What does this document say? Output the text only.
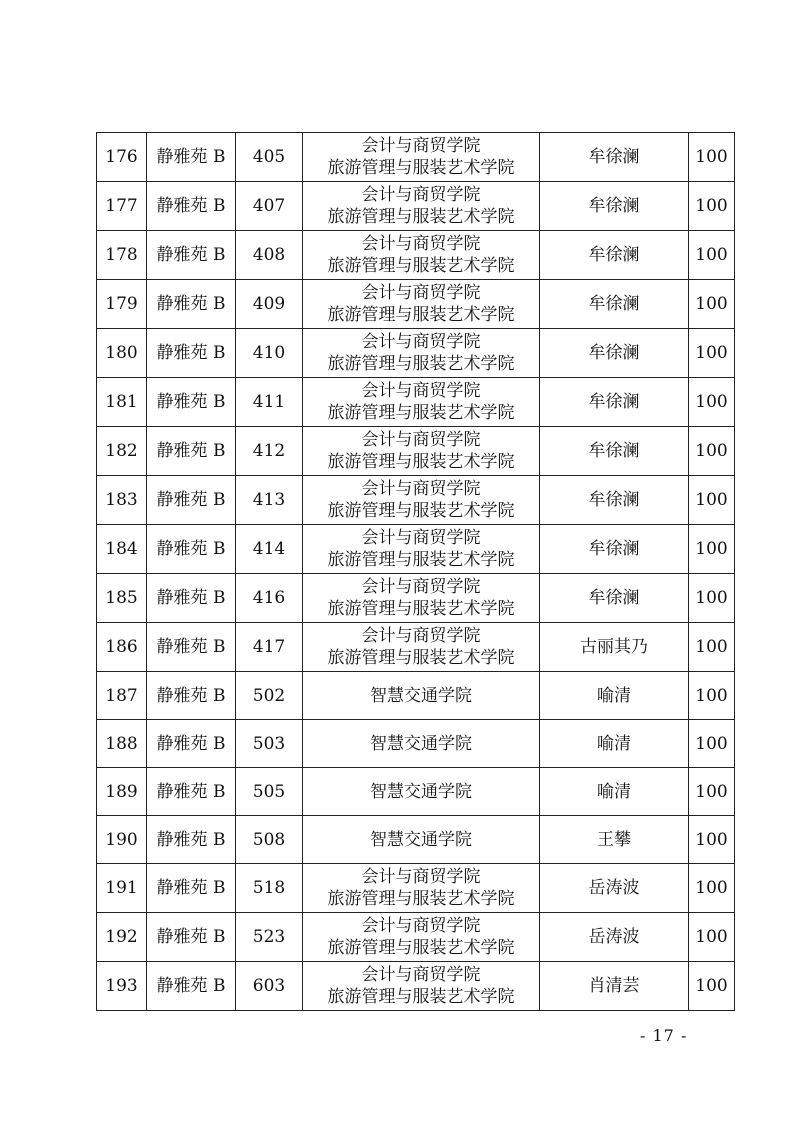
176	静雅苑 B	405	会计与商贸学院
旅游管理与服装艺术学院	牟徐澜	100
177	静雅苑 B	407	会计与商贸学院
旅游管理与服装艺术学院	牟徐澜	100
178	静雅苑 B	408	会计与商贸学院
旅游管理与服装艺术学院	牟徐澜	100
179	静雅苑 B	409	会计与商贸学院
旅游管理与服装艺术学院	牟徐澜	100
180	静雅苑 B	410	会计与商贸学院
旅游管理与服装艺术学院	牟徐澜	100
181	静雅苑 B	411	会计与商贸学院
旅游管理与服装艺术学院	牟徐澜	100
182	静雅苑 B	412	会计与商贸学院
旅游管理与服装艺术学院	牟徐澜	100
183	静雅苑 B	413	会计与商贸学院
旅游管理与服装艺术学院	牟徐澜	100
184	静雅苑 B	414	会计与商贸学院
旅游管理与服装艺术学院	牟徐澜	100
185	静雅苑 B	416	会计与商贸学院
旅游管理与服装艺术学院	牟徐澜	100
186	静雅苑 B	417	会计与商贸学院
旅游管理与服装艺术学院	古丽其乃	100
187	静雅苑 B	502	智慧交通学院	喻清	100
188	静雅苑 B	503	智慧交通学院	喻清	100
189	静雅苑 B	505	智慧交通学院	喻清	100
190	静雅苑 B	508	智慧交通学院	王攀	100
191	静雅苑 B	518	会计与商贸学院
旅游管理与服装艺术学院	岳涛波	100
192	静雅苑 B	523	会计与商贸学院
旅游管理与服装艺术学院	岳涛波	100
193	静雅苑 B	603	会计与商贸学院
旅游管理与服装艺术学院	肖清芸	100
- 17 -
